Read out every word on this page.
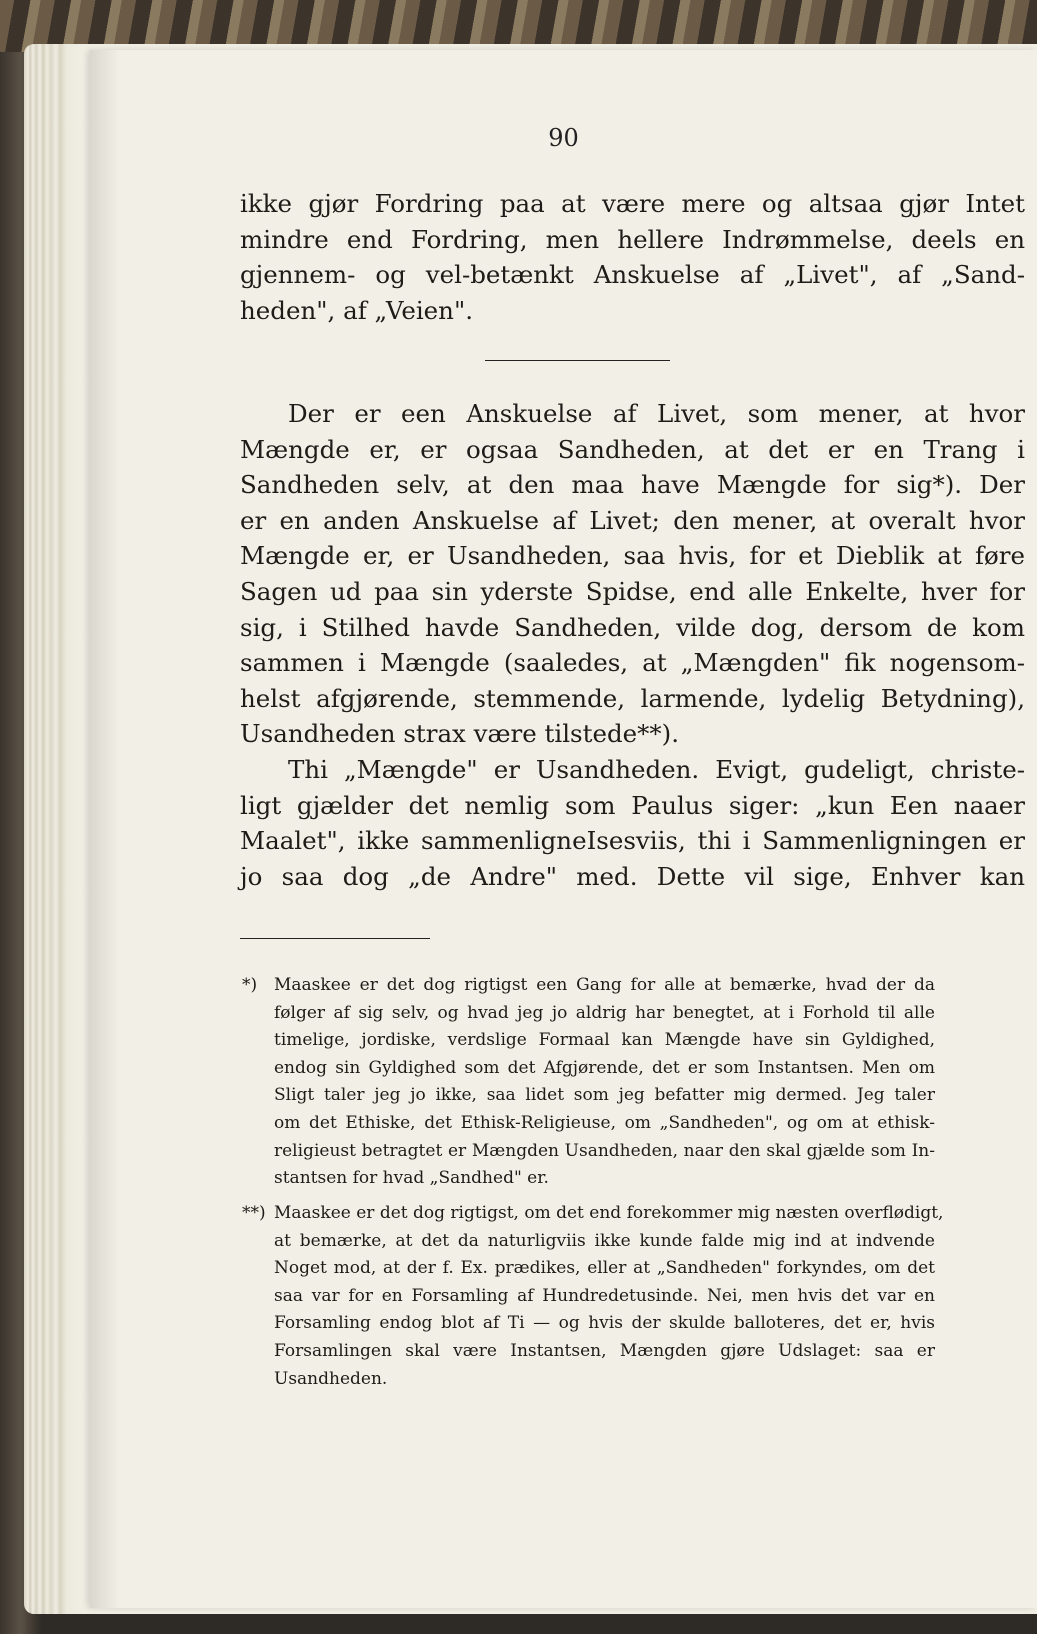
90
ikke gjør Fordring paa at være mere og altsaa gjør Intet
mindre end Fordring, men hellere Indrømmelse, deels en
gjennem- og vel-betænkt Anskuelse af „Livet", af „Sand-
heden", af „Veien".
Der er een Anskuelse af Livet, som mener, at hvor
Mængde er, er ogsaa Sandheden, at det er en Trang i
Sandheden selv, at den maa have Mængde for sig*). Der
er en anden Anskuelse af Livet; den mener, at overalt hvor
Mængde er, er Usandheden, saa hvis, for et Dieblik at føre
Sagen ud paa sin yderste Spidse, end alle Enkelte, hver for
sig, i Stilhed havde Sandheden, vilde dog, dersom de kom
sammen i Mængde (saaledes, at „Mængden" fik nogensom-
helst afgjørende, stemmende, larmende, lydelig Betydning),
Usandheden strax være tilstede**).
Thi „Mængde" er Usandheden. Evigt, gudeligt, christe-
ligt gjælder det nemlig som Paulus siger: „kun Een naaer
Maalet", ikke sammenligneIsesviis, thi i Sammenligningen er
jo saa dog „de Andre" med. Dette vil sige, Enhver kan
*) Maaskee er det dog rigtigst een Gang for alle at bemærke, hvad der da
følger af sig selv, og hvad jeg jo aldrig har benegtet, at i Forhold til alle
timelige, jordiske, verdslige Formaal kan Mængde have sin Gyldighed,
endog sin Gyldighed som det Afgjørende, det er som Instantsen. Men om
Sligt taler jeg jo ikke, saa lidet som jeg befatter mig dermed. Jeg taler
om det Ethiske, det Ethisk-Religieuse, om „Sandheden", og om at ethisk-
religieust betragtet er Mængden Usandheden, naar den skal gjælde som In-
stantsen for hvad „Sandhed" er.
**) Maaskee er det dog rigtigst, om det end forekommer mig næsten overflødigt,
at bemærke, at det da naturligviis ikke kunde falde mig ind at indvende
Noget mod, at der f. Ex. prædikes, eller at „Sandheden" forkyndes, om det
saa var for en Forsamling af Hundredetusinde. Nei, men hvis det var en
Forsamling endog blot af Ti — og hvis der skulde balloteres, det er, hvis
Forsamlingen skal være Instantsen, Mængden gjøre Udslaget: saa er
Usandheden.
